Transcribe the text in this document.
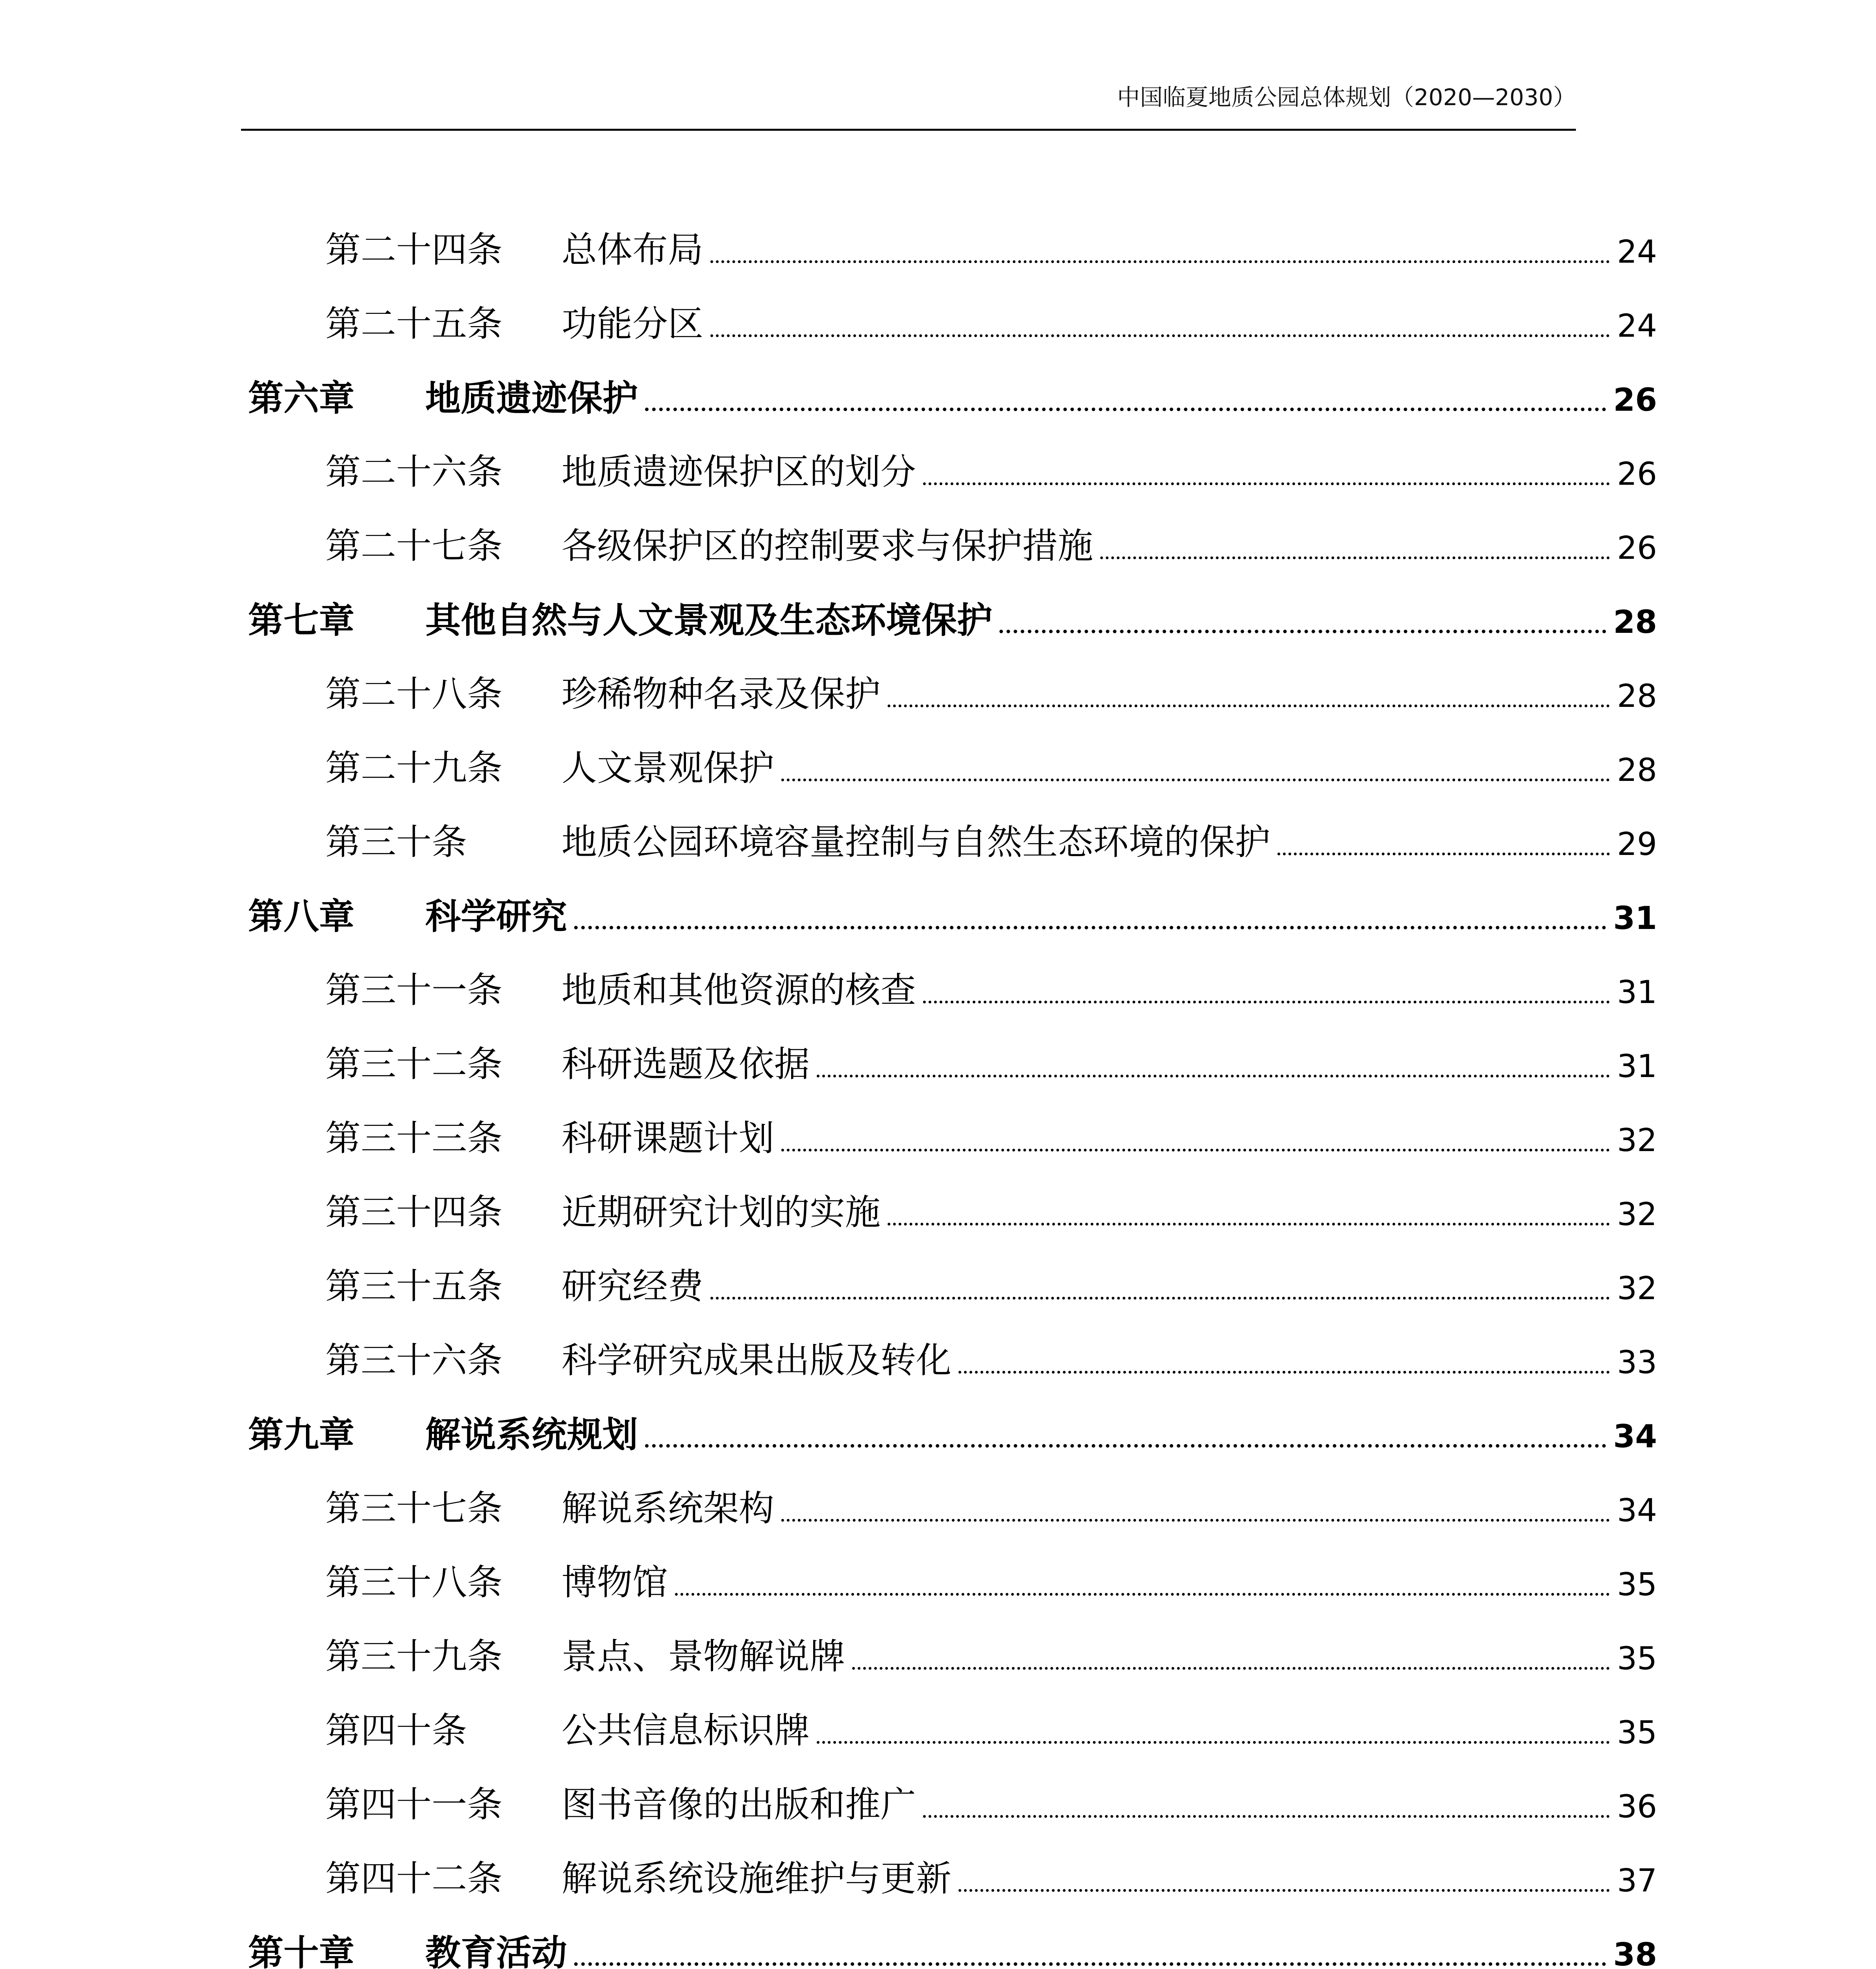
中国临夏地质公园总体规划（2020—2030）
第二十四条	总体布局	24
第二十五条	功能分区	24
第六章	地质遗迹保护	26
第二十六条	地质遗迹保护区的划分	26
第二十七条	各级保护区的控制要求与保护措施	26
第七章	其他自然与人文景观及生态环境保护	28
第二十八条	珍稀物种名录及保护	28
第二十九条	人文景观保护	28
第三十条	地质公园环境容量控制与自然生态环境的保护	29
第八章	科学研究	31
第三十一条	地质和其他资源的核查	31
第三十二条	科研选题及依据	31
第三十三条	科研课题计划	32
第三十四条	近期研究计划的实施	32
第三十五条	研究经费	32
第三十六条	科学研究成果出版及转化	33
第九章	解说系统规划	34
第三十七条	解说系统架构	34
第三十八条	博物馆	35
第三十九条	景点、景物解说牌	35
第四十条	公共信息标识牌	35
第四十一条	图书音像的出版和推广	36
第四十二条	解说系统设施维护与更新	37
第十章	教育活动	38
